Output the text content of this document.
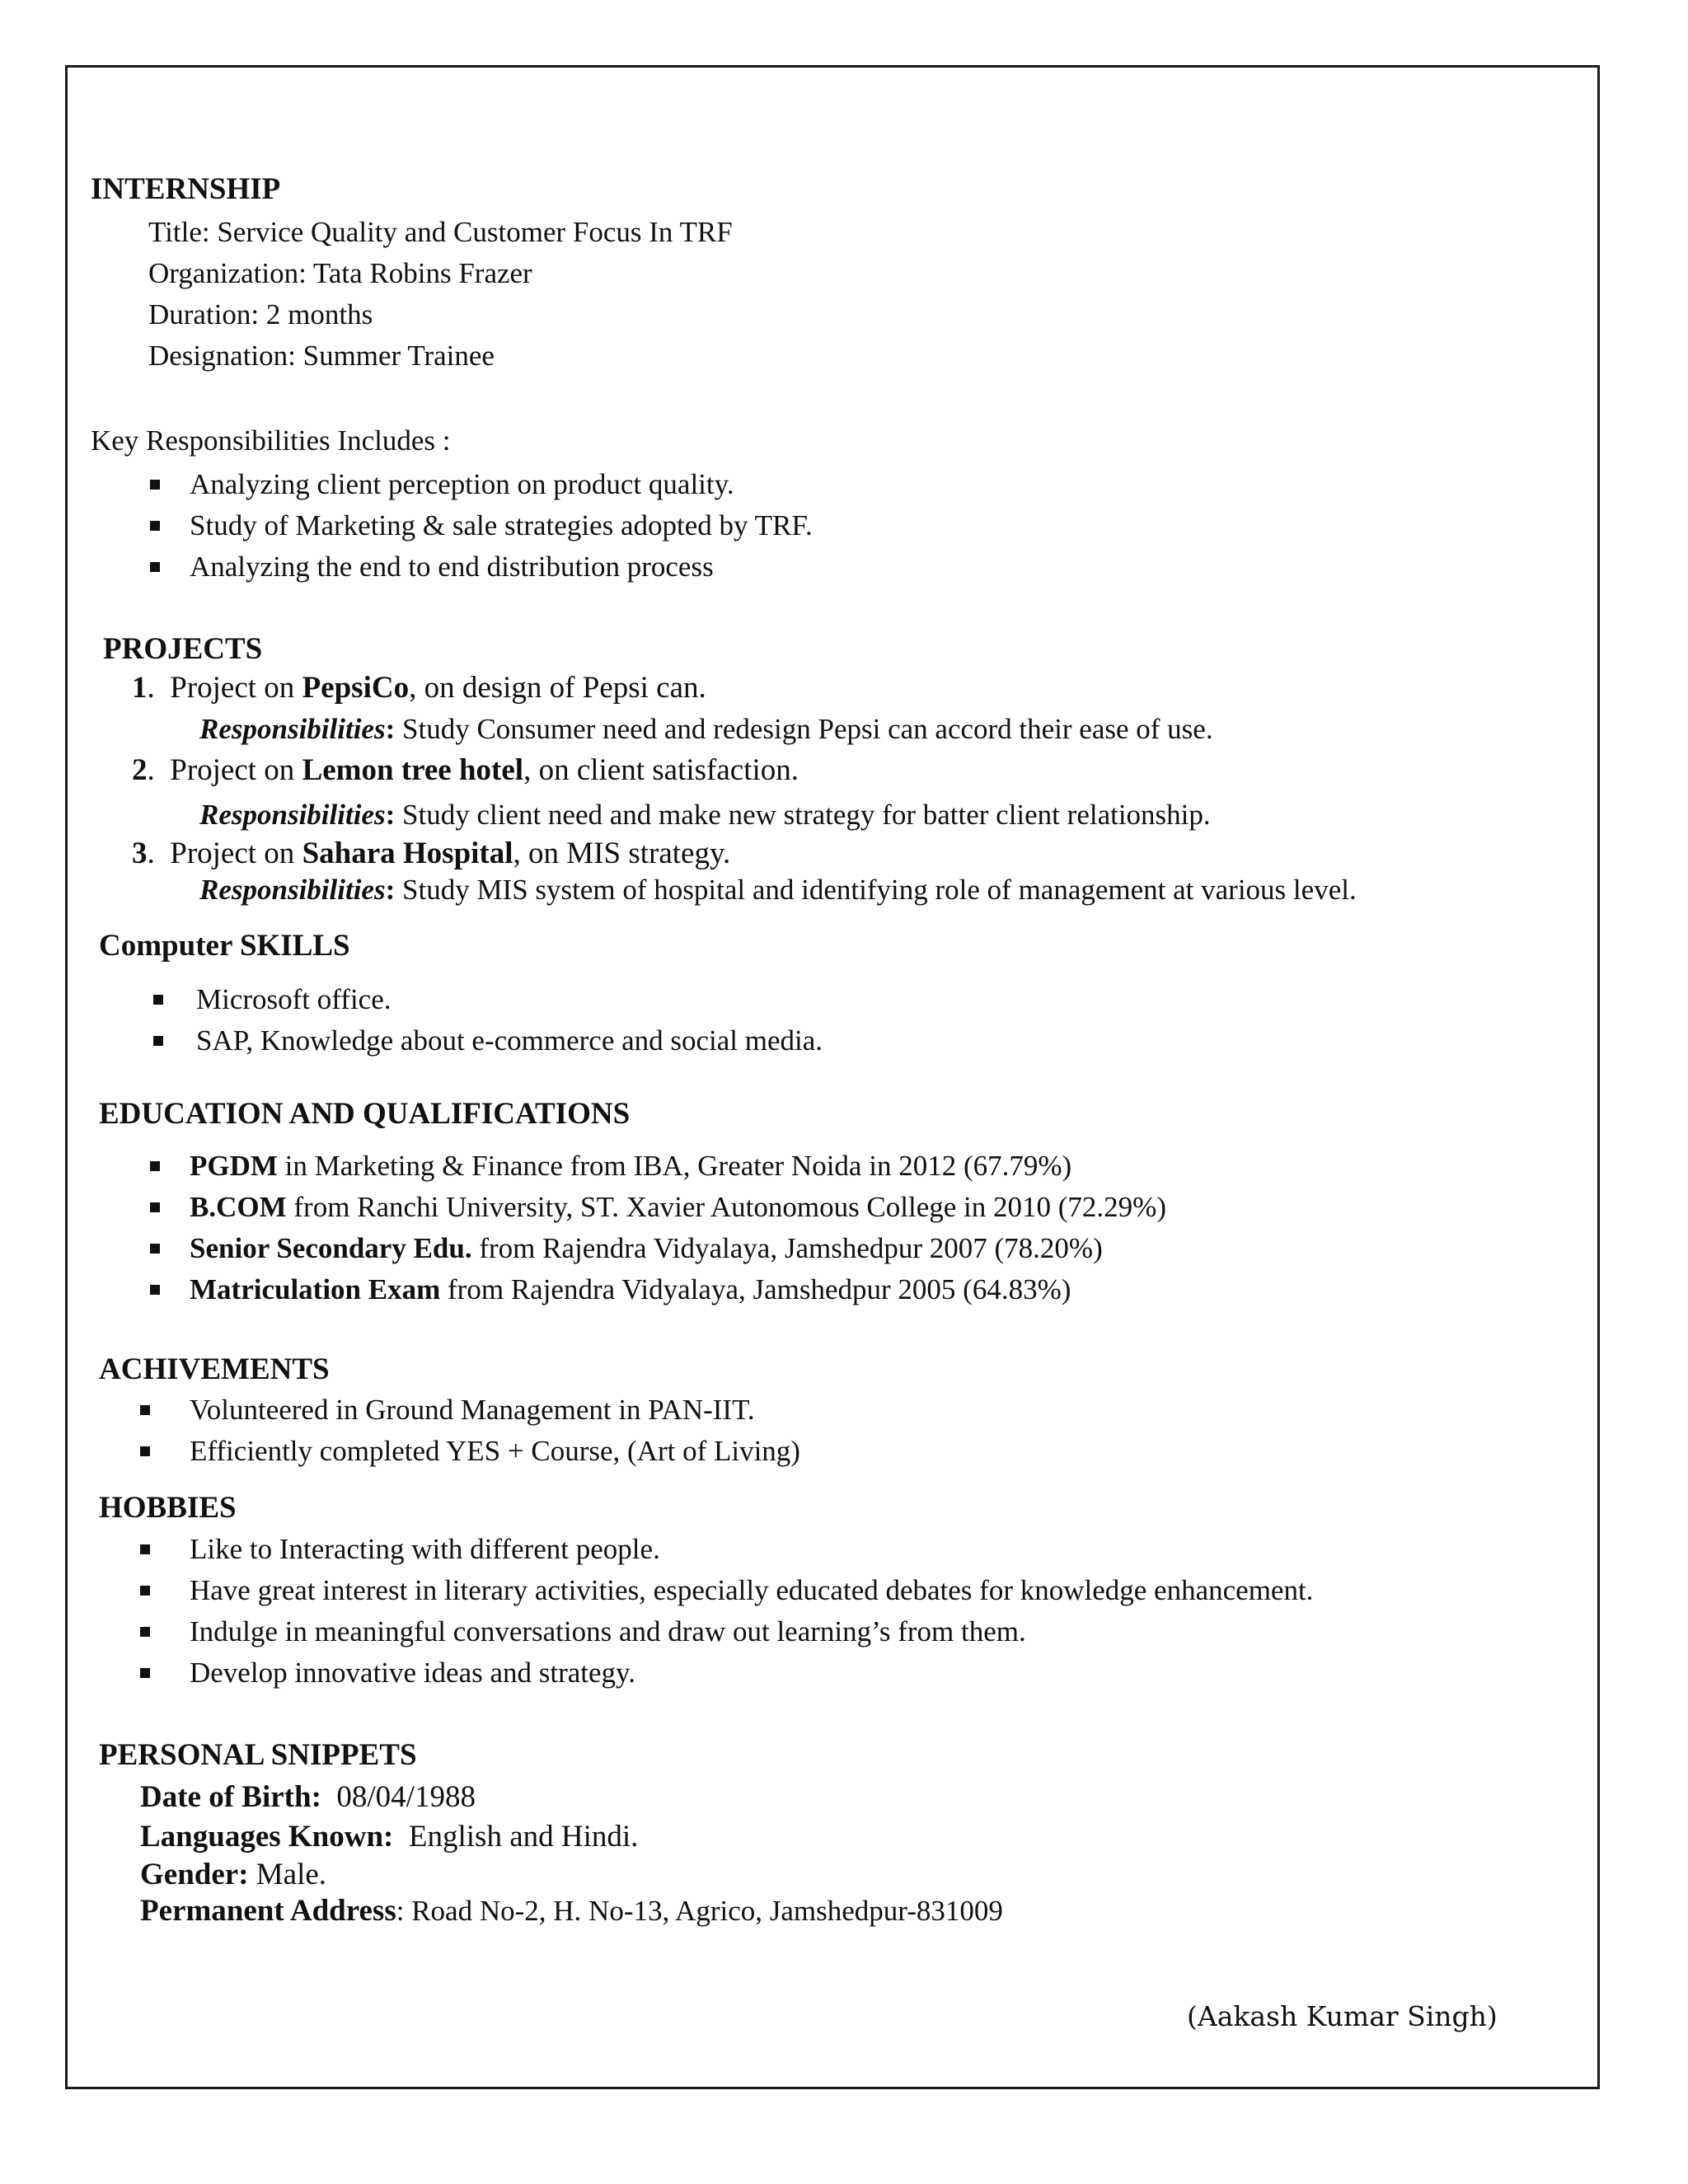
INTERNSHIP
Title: Service Quality and Customer Focus In TRF
Organization: Tata Robins Frazer
Duration: 2 months
Designation: Summer Trainee
Key Responsibilities Includes :
Analyzing client perception on product quality.
Study of Marketing & sale strategies adopted by TRF.
Analyzing the end to end distribution process
PROJECTS
1.  Project on PepsiCo, on design of Pepsi can.
Responsibilities: Study Consumer need and redesign Pepsi can accord their ease of use.
2.  Project on Lemon tree hotel, on client satisfaction.
Responsibilities: Study client need and make new strategy for batter client relationship.
3.  Project on Sahara Hospital, on MIS strategy.
Responsibilities: Study MIS system of hospital and identifying role of management at various level.
Computer SKILLS
Microsoft office.
SAP, Knowledge about e-commerce and social media.
EDUCATION AND QUALIFICATIONS
PGDM in Marketing & Finance from IBA, Greater Noida in 2012 (67.79%)
B.COM from Ranchi University, ST. Xavier Autonomous College in 2010 (72.29%)
Senior Secondary Edu. from Rajendra Vidyalaya, Jamshedpur 2007 (78.20%)
Matriculation Exam from Rajendra Vidyalaya, Jamshedpur 2005 (64.83%)
ACHIVEMENTS
Volunteered in Ground Management in PAN-IIT.
Efficiently completed YES + Course, (Art of Living)
HOBBIES
Like to Interacting with different people.
Have great interest in literary activities, especially educated debates for knowledge enhancement.
Indulge in meaningful conversations and draw out learning’s from them.
Develop innovative ideas and strategy.
PERSONAL SNIPPETS
Date of Birth: 08/04/1988
Languages Known: English and Hindi.
Gender: Male.
Permanent Address: Road No-2, H. No-13, Agrico, Jamshedpur-831009
(Aakash Kumar Singh)
